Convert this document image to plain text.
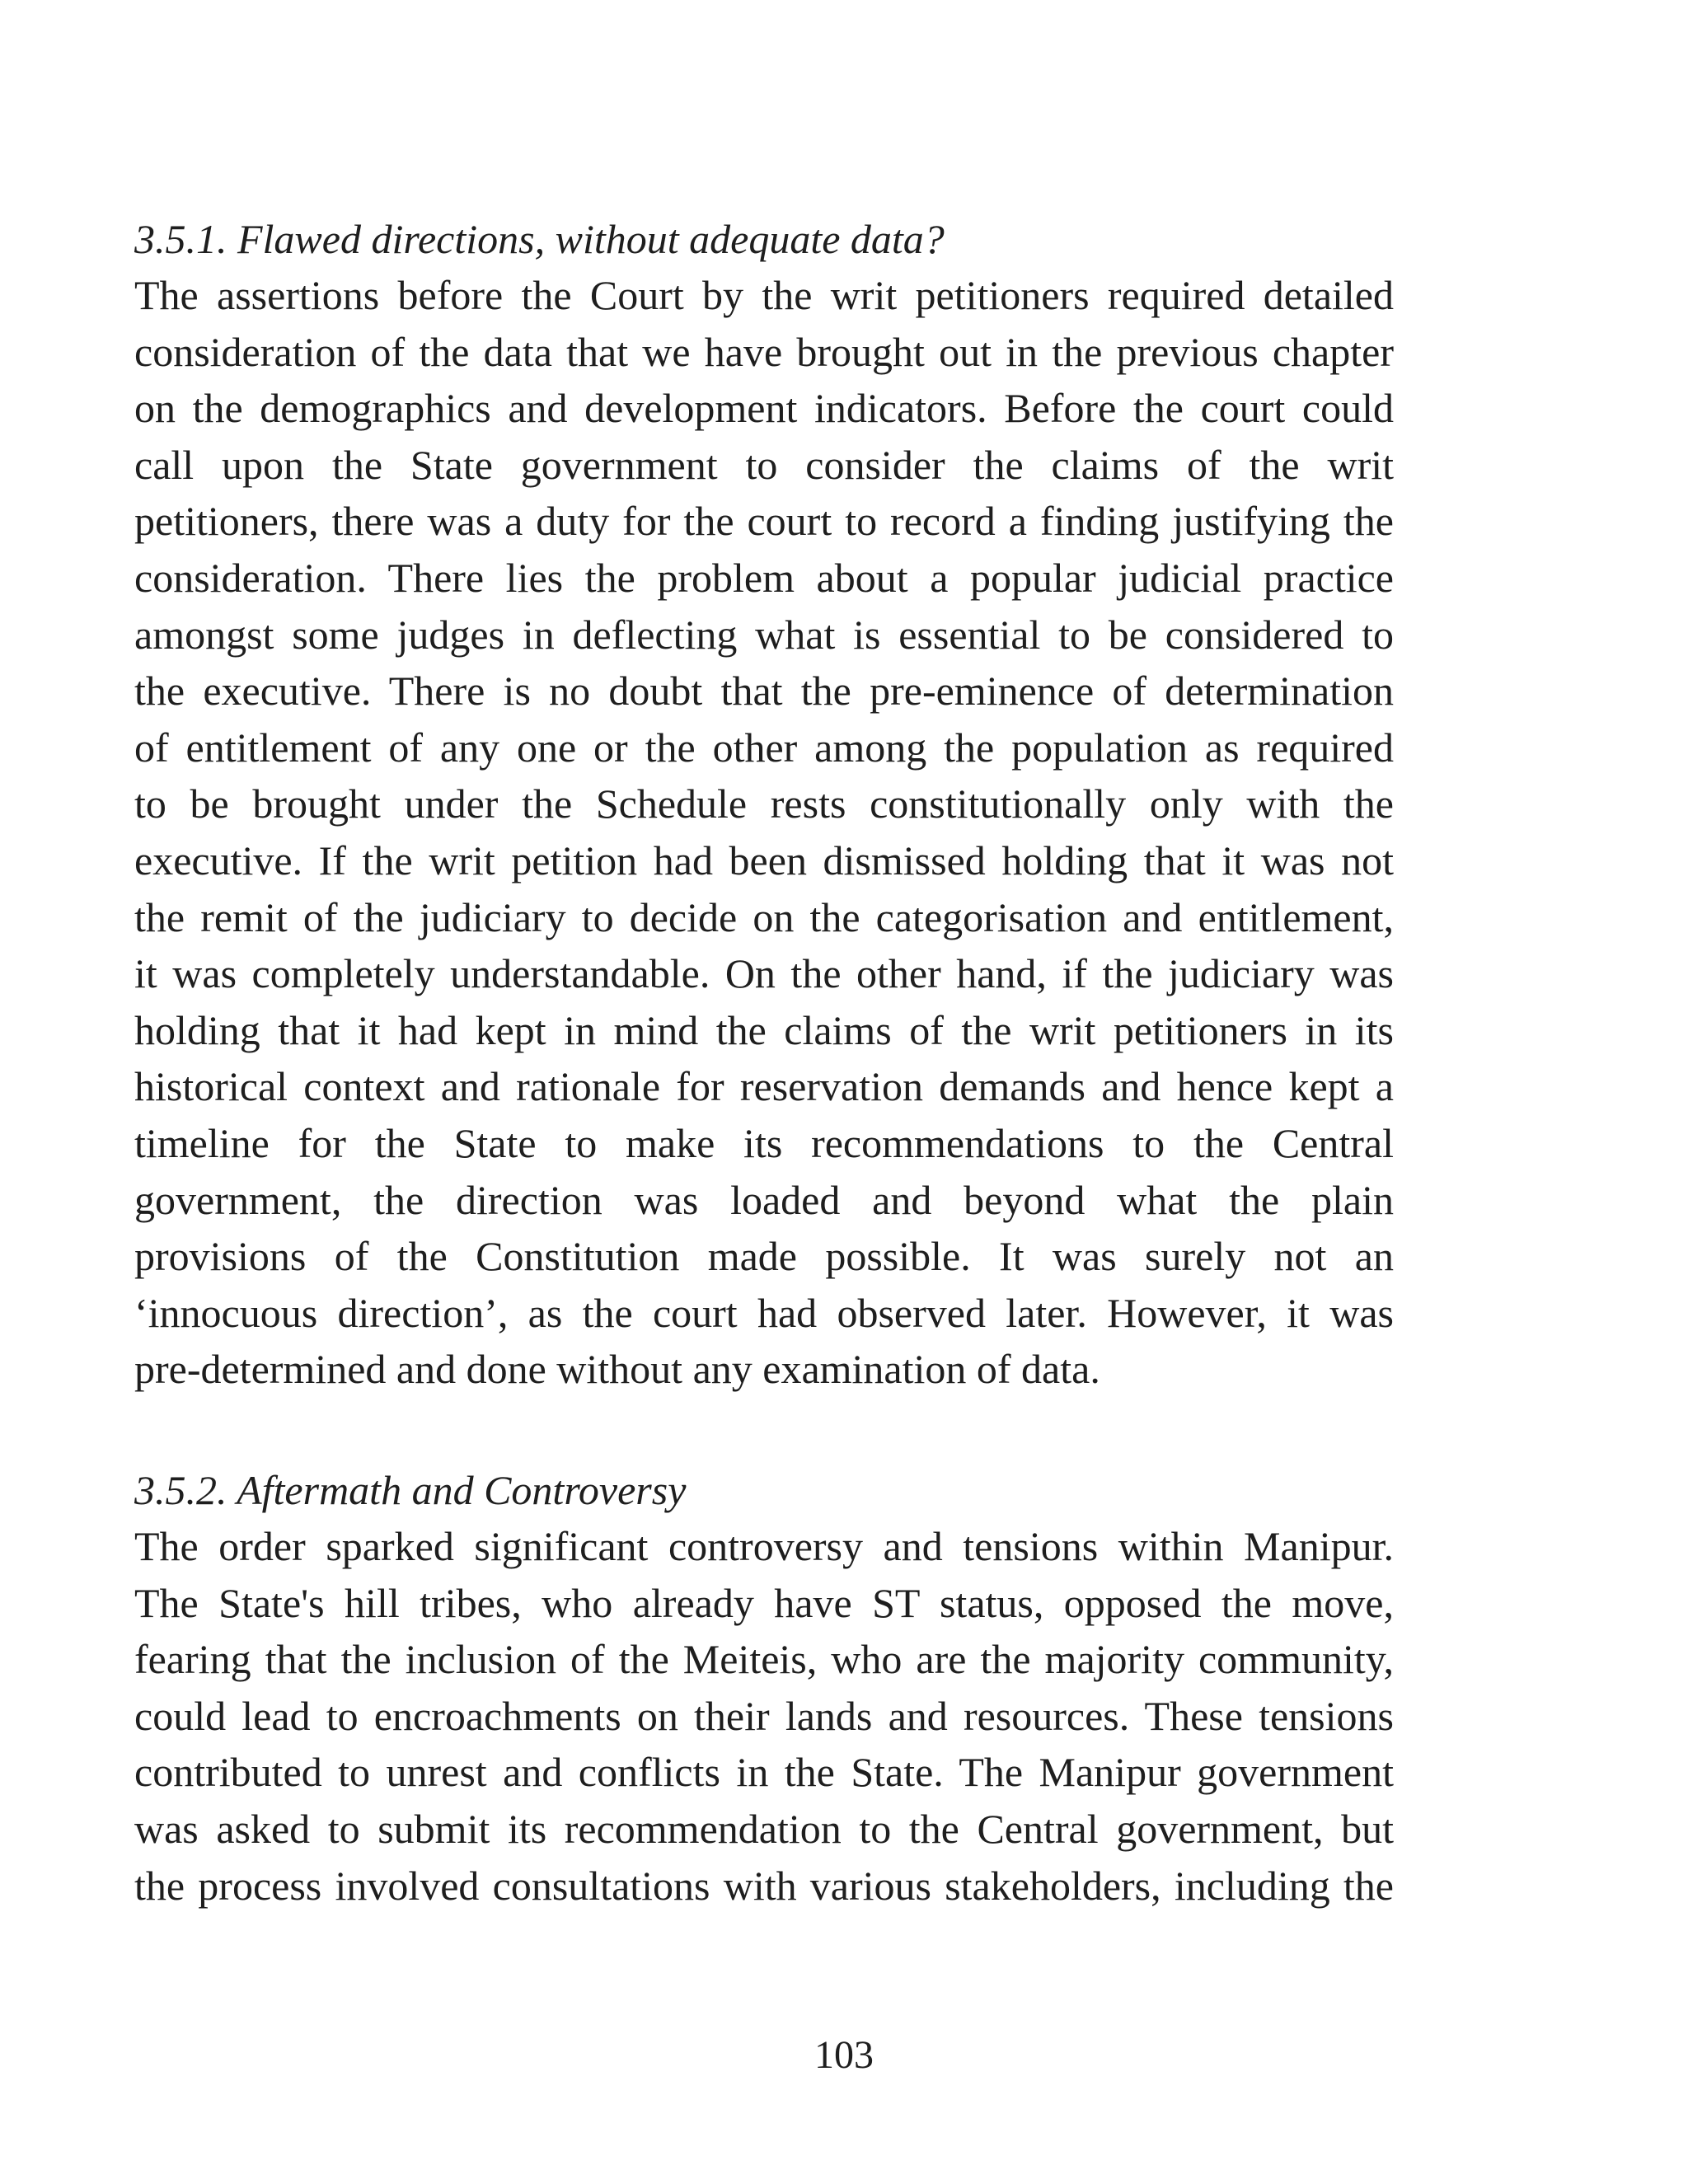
3.5.1. Flawed directions, without adequate data?
The assertions before the Court by the writ petitioners required detailed
consideration of the data that we have brought out in the previous chapter
on the demographics and development indicators. Before the court could
call upon the State government to consider the claims of the writ
petitioners, there was a duty for the court to record a finding justifying the
consideration. There lies the problem about a popular judicial practice
amongst some judges in deflecting what is essential to be considered to
the executive. There is no doubt that the pre-eminence of determination
of entitlement of any one or the other among the population as required
to be brought under the Schedule rests constitutionally only with the
executive. If the writ petition had been dismissed holding that it was not
the remit of the judiciary to decide on the categorisation and entitlement,
it was completely understandable. On the other hand, if the judiciary was
holding that it had kept in mind the claims of the writ petitioners in its
historical context and rationale for reservation demands and hence kept a
timeline for the State to make its recommendations to the Central
government, the direction was loaded and beyond what the plain
provisions of the Constitution made possible. It was surely not an
‘innocuous direction’, as the court had observed later. However, it was
pre-determined and done without any examination of data.
3.5.2. Aftermath and Controversy
The order sparked significant controversy and tensions within Manipur.
The State's hill tribes, who already have ST status, opposed the move,
fearing that the inclusion of the Meiteis, who are the majority community,
could lead to encroachments on their lands and resources. These tensions
contributed to unrest and conflicts in the State. The Manipur government
was asked to submit its recommendation to the Central government, but
the process involved consultations with various stakeholders, including the
103
